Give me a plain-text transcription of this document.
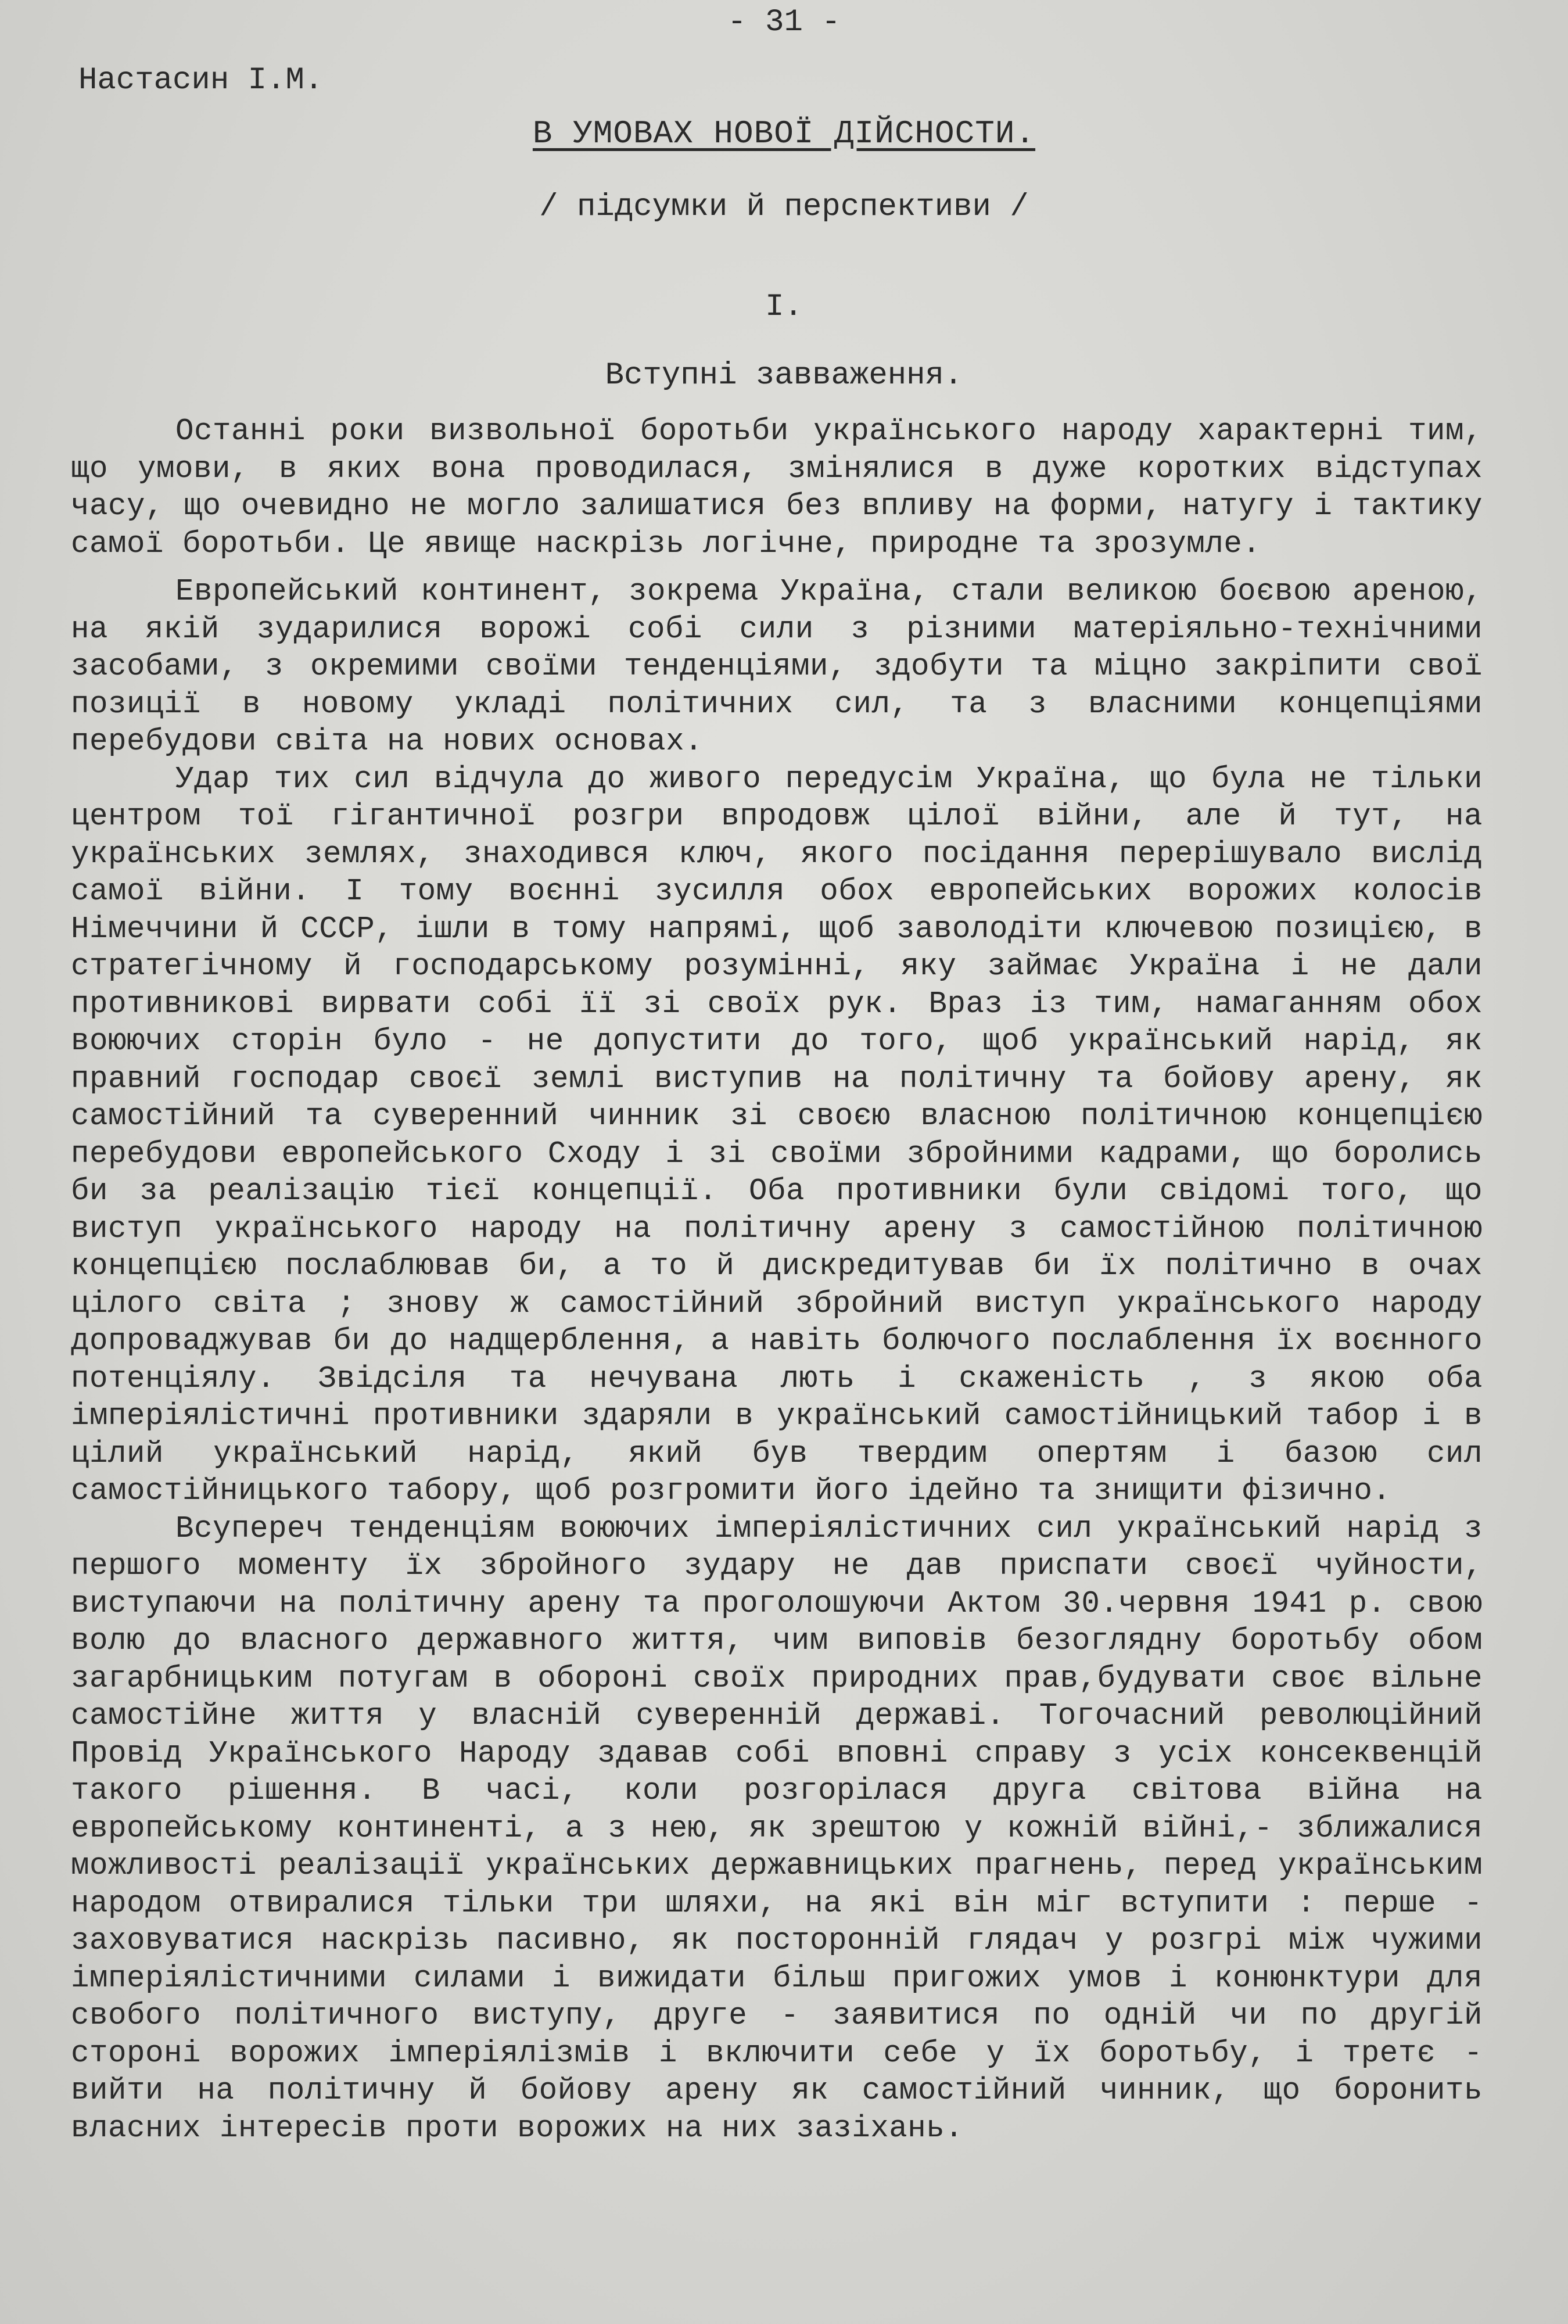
- 31 -
Настасин І.М.
В УМОВАХ НОВОЇ ДІЙСНОСТИ.
/ підсумки й перспективи /
І.
Вступні завваження.

Останні роки визвольної боротьби українського народу характерні тим, що умови, в яких вона проводилася, змінялися в дуже коротких відступах часу, що очевидно не могло залишатися без впливу на форми, натугу і тактику самої боротьби. Це явище наскрізь логічне, природне та зрозумле.

Европейський континент, зокрема Україна, стали великою боєвою ареною, на якій зударилися ворожі собі сили з різними матеріяльно-технічними засобами, з окремими своїми тенденціями, здобути та міцно закріпити свої позиції в новому укладі політичних сил, та з власними концепціями перебудови світа на нових основах.

Удар тих сил відчула до живого передусім Україна, що була не тільки центром тої гігантичної розгри впродовж цілої війни, але й тут, на українських землях, знаходився ключ, якого посідання перерішувало вислід самої війни. І тому воєнні зусилля обох европейських ворожих колосів Німеччини й СССР, ішли в тому напрямі, щоб заволодіти ключевою позицією, в стратегічному й господарському розумінні, яку займає Україна і не дали противникові вирвати собі її зі своїх рук. Враз із тим, намаганням обох воюючих сторін було - не допустити до того, щоб український нарід, як правний господар своєї землі виступив на політичну та бойову арену, як самостійний та суверенний чинник зі своєю власною політичною концепцією перебудови европейського Сходу і зі своїми збройними кадрами, що боролись би за реалізацію тієї концепції. Оба противники були свідомі того, що виступ українського народу на політичну арену з самостійною політичною концепцією послаблював би, а то й дискредитував би їх політично в очах цілого світа ; знову ж самостійний збройний виступ українського народу допроваджував би до надщерблення, а навіть болючого послаблення їх воєнного потенціялу. Звідсіля та нечувана лють і скаженість , з якою оба імперіялістичні противники здаряли в український самостійницький табор і в цілий український нарід, який був твердим опертям і базою сил самостійницького табору, щоб розгромити його ідейно та знищити фізично.

Всупереч тенденціям воюючих імперіялістичних сил український нарід з першого моменту їх збройного зудару не дав приспати своєї чуйности, виступаючи на політичну арену та проголошуючи Актом 30.червня 1941 р. свою волю до власного державного життя, чим виповів безоглядну боротьбу обом загарбницьким потугам в обороні своїх природних прав,будувати своє вільне самостійне життя у власній суверенній державі. Тогочасний революційний Провід Українського Народу здавав собі вповні справу з усіх консеквенцій такого рішення. В часі, коли розгорілася друга світова війна на европейському континенті, а з нею, як зрештою у кожній війні,- зближалися можливості реалізації українських державницьких прагнень, перед українським народом отвиралися тільки три шляхи, на які він міг вступити : перше - заховуватися наскрізь пасивно, як посторонній глядач у розгрі між чужими імперіялістичними силами і вижидати більш пригожих умов і конюнктури для свобого політичного виступу, друге - заявитися по одній чи по другій стороні ворожих імперіялізмів і включити себе у їх боротьбу, і третє - вийти на політичну й бойову арену як самостійний чинник, що боронить власних інтересів проти ворожих на них зазіхань.
